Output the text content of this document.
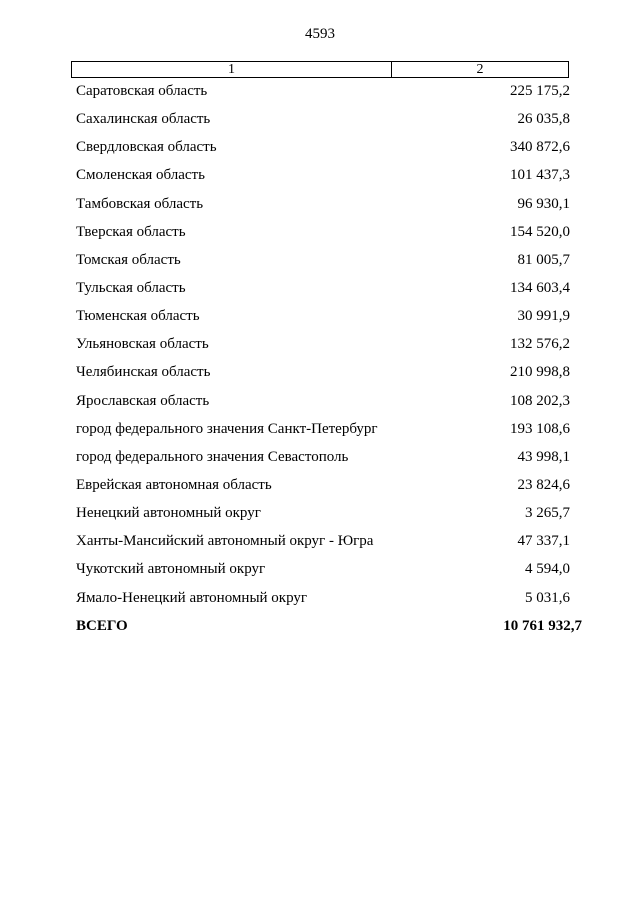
4593
1	2
Саратовская область	225 175,2
Сахалинская область	26 035,8
Свердловская область	340 872,6
Смоленская область	101 437,3
Тамбовская область	96 930,1
Тверская область	154 520,0
Томская область	81 005,7
Тульская область	134 603,4
Тюменская область	30 991,9
Ульяновская область	132 576,2
Челябинская область	210 998,8
Ярославская область	108 202,3
город федерального значения Санкт-Петербург	193 108,6
город федерального значения Севастополь	43 998,1
Еврейская автономная область	23 824,6
Ненецкий автономный округ	3 265,7
Ханты-Мансийский автономный округ - Югра	47 337,1
Чукотский автономный округ	4 594,0
Ямало-Ненецкий автономный округ	5 031,6
ВСЕГО	10 761 932,7
